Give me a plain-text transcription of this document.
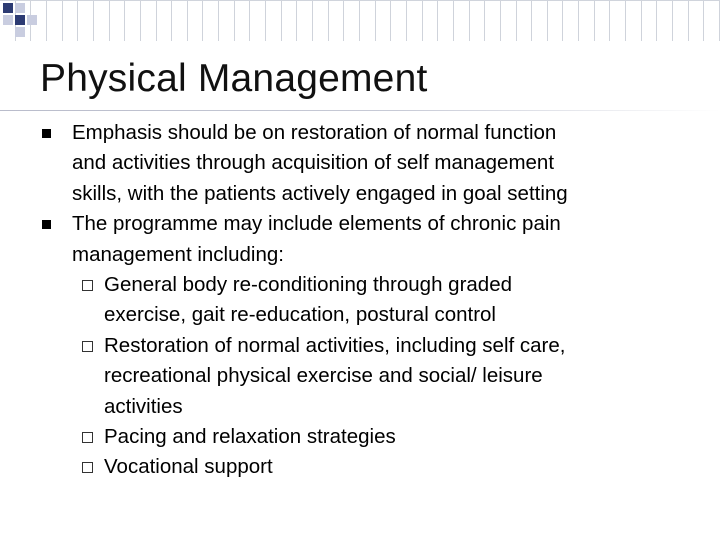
Physical Management
Emphasis should be on restoration of normal function
and activities through acquisition of self management
skills, with the patients actively engaged in goal setting
The programme may include elements of chronic pain
management including:
General body re-conditioning through graded
exercise, gait re-education, postural control
Restoration of normal activities, including self care,
recreational physical exercise and social/ leisure
activities
Pacing and relaxation strategies
Vocational support
